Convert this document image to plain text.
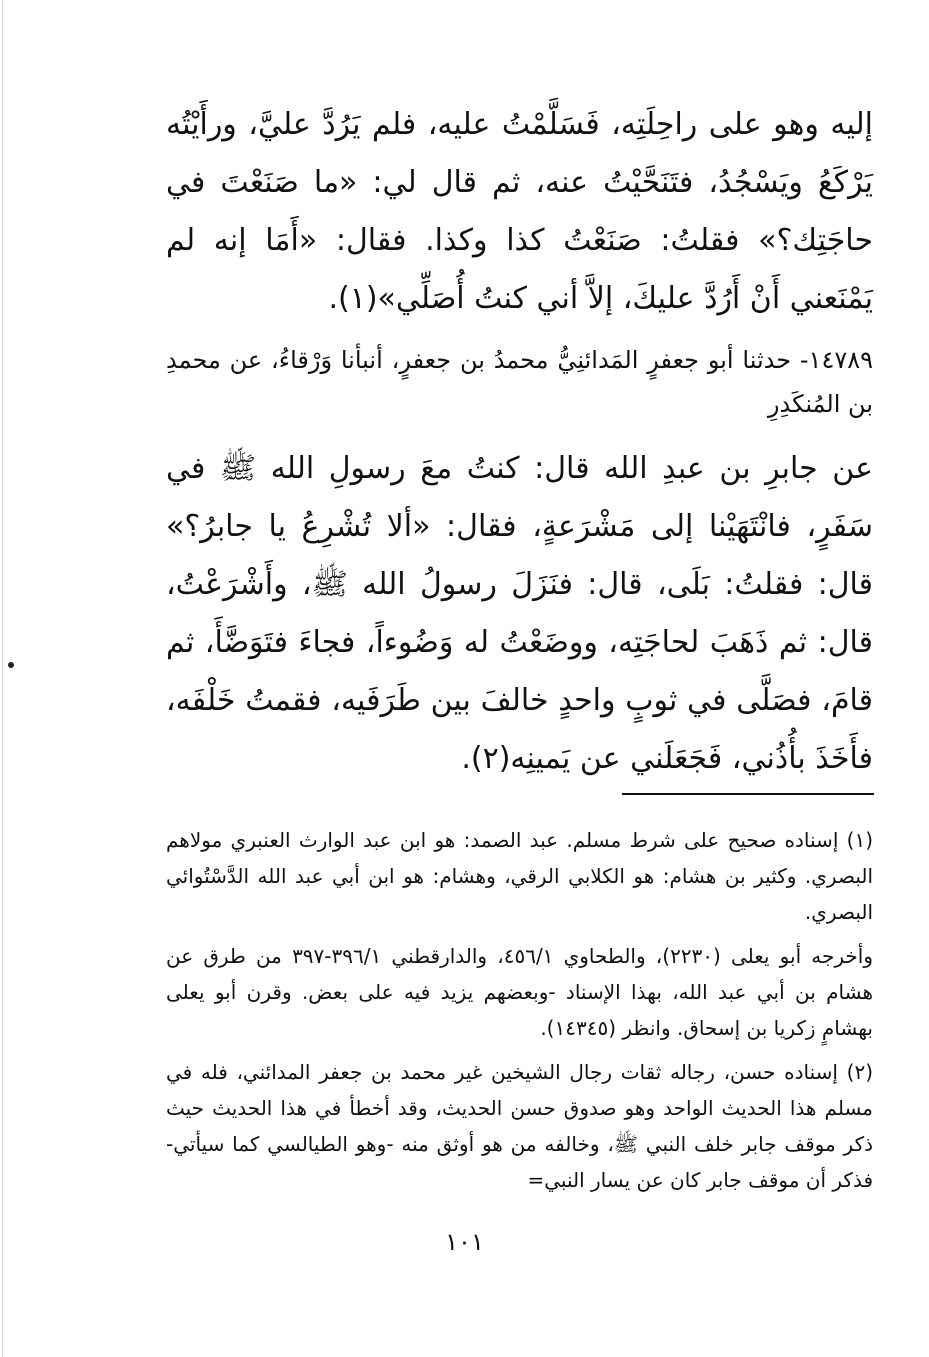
إليه وهو على راحِلَتِه، فَسَلَّمْتُ عليه، فلم يَرُدَّ عليَّ، ورأَيْتُه يَرْكَعُ ويَسْجُدُ، فتَنَحَّيْتُ عنه، ثم قال لي: «ما صَنَعْتَ في حاجَتِك؟» فقلتُ: صَنَعْتُ كذا وكذا. فقال: «أَمَا إنه لم يَمْنَعني أَنْ أَرُدَّ عليكَ، إلاَّ أني كنتُ أُصَلِّي»(١).

١٤٧٨٩- حدثنا أبو جعفرٍ المَدائنِيُّ محمدُ بن جعفرٍ، أنبأنا وَرْقاءُ، عن محمدِ بن المُنكَدِرِ

عن جابرِ بن عبدِ الله قال: كنتُ معَ رسولِ الله ﷺ في سَفَرٍ، فانْتَهَيْنا إلى مَشْرَعةٍ، فقال: «ألا تُشْرِعُ يا جابرُ؟» قال: فقلتُ: بَلَى، قال: فنَزَلَ رسولُ الله ﷺ، وأَشْرَعْتُ، قال: ثم ذَهَبَ لحاجَتِه، ووضَعْتُ له وَضُوءاً، فجاءَ فتَوَضَّأَ، ثم قامَ، فصَلَّى في ثوبٍ واحدٍ خالفَ بين طَرَفَيه، فقمتُ خَلْفَه، فأَخَذَ بأُذُني، فَجَعَلَني عن يَمينِه(٢).

(١) إسناده صحيح على شرط مسلم. عبد الصمد: هو ابن عبد الوارث العنبري مولاهم البصري. وكثير بن هشام: هو الكلابي الرقي، وهشام: هو ابن أبي عبد الله الدَّسْتُوائي البصري.

وأخرجه أبو يعلى (٢٢٣٠)، والطحاوي ٤٥٦/١، والدارقطني ٣٩٦/١-٣٩٧ من طرق عن هشام بن أبي عبد الله، بهذا الإسناد -وبعضهم يزيد فيه على بعض. وقرن أبو يعلى بهشامٍ زكريا بن إسحاق. وانظر (١٤٣٤٥).

(٢) إسناده حسن، رجاله ثقات رجال الشيخين غير محمد بن جعفر المدائني، فله في مسلم هذا الحديث الواحد وهو صدوق حسن الحديث، وقد أخطأ في هذا الحديث حيث ذكر موقف جابر خلف النبي ﷺ، وخالفه من هو أوثق منه -وهو الطيالسي كما سيأتي- فذكر أن موقف جابر كان عن يسار النبي=

١٠١
